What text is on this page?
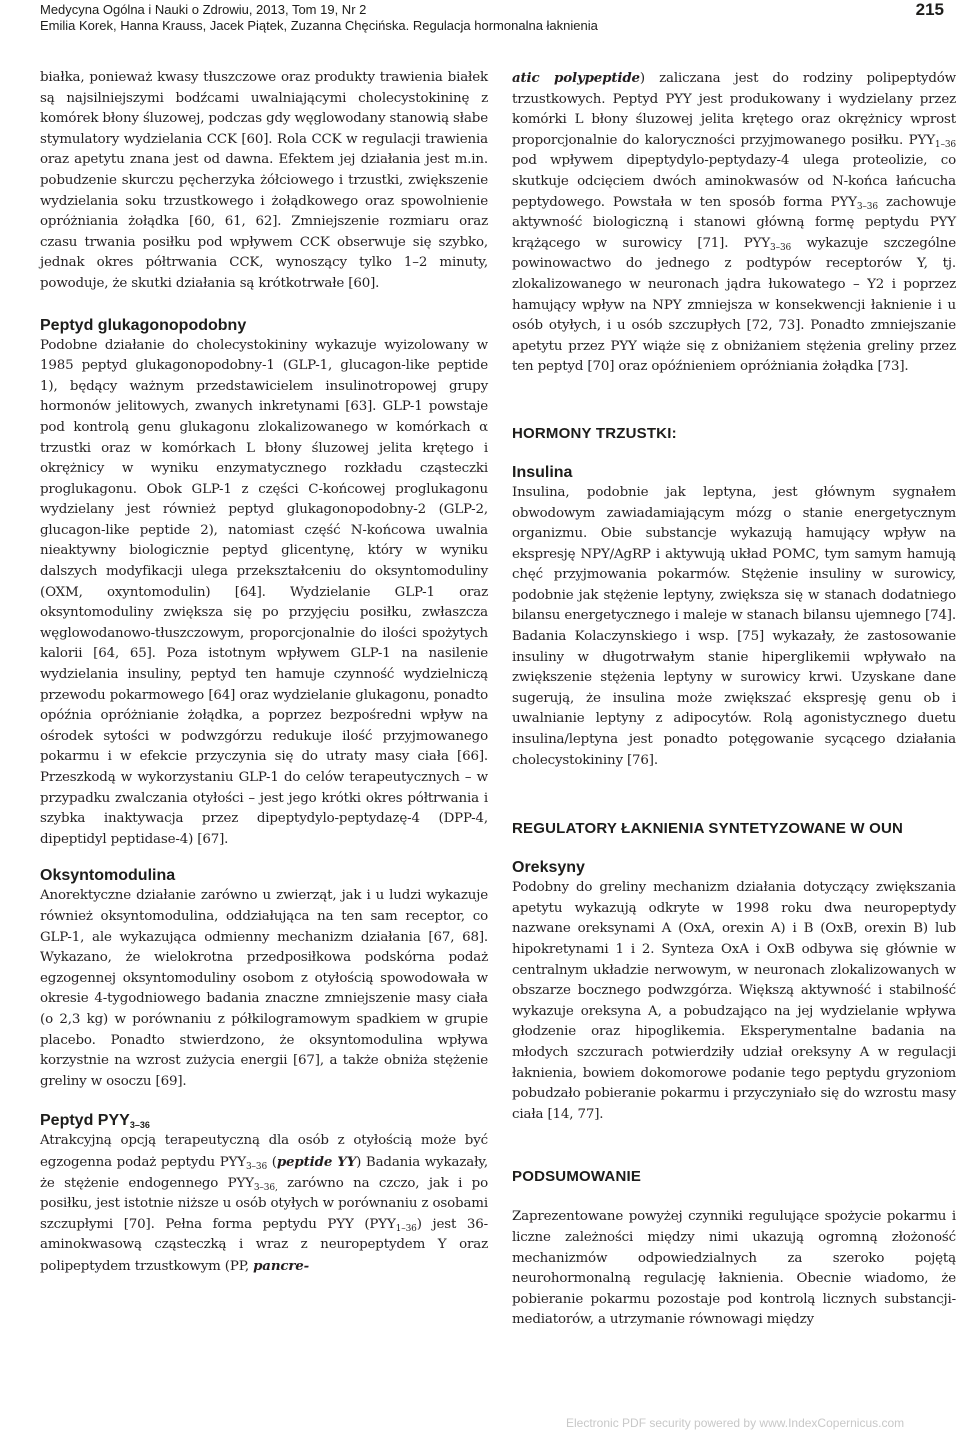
Medycyna Ogólna i Nauki o Zdrowiu, 2013, Tom 19, Nr 2
Emilia Korek, Hanna Krauss, Jacek Piątek, Zuzanna Chęcińska. Regulacja hormonalna łaknienia
215

białka, ponieważ kwasy tłuszczowe oraz produkty trawienia białek są najsilniejszymi bodźcami uwalniającymi cholecystokininę z komórek błony śluzowej, podczas gdy węglowodany stanowią słabe stymulatory wydzielania CCK [60]. Rola CCK w regulacji trawienia oraz apetytu znana jest od dawna. Efektem jej działania jest m.in. pobudzenie skurczu pęcherzyka żółciowego i trzustki, zwiększenie wydzielania soku trzustkowego i żołądkowego oraz spowolnienie opróżniania żołądka [60, 61, 62]. Zmniejszenie rozmiaru oraz czasu trwania posiłku pod wpływem CCK obserwuje się szybko, jednak okres półtrwania CCK, wynoszący tylko 1–2 minuty, powoduje, że skutki działania są krótkotrwałe [60].

Peptyd glukagonopodobny

Podobne działanie do cholecystokininy wykazuje wyizolowany w 1985 peptyd glukagonopodobny-1 (GLP-1, glucagon-like peptide 1), będący ważnym przedstawicielem insulinotropowej grupy hormonów jelitowych, zwanych inkretynami [63]. GLP-1 powstaje pod kontrolą genu glukagonu zlokalizowanego w komórkach α trzustki oraz w komórkach L błony śluzowej jelita krętego i okrężnicy w wyniku enzymatycznego rozkładu cząsteczki proglukagonu. Obok GLP-1 z części C-końcowej proglukagonu wydzielany jest również peptyd glukagonopodobny-2 (GLP-2, glucagon-like peptide 2), natomiast część N-końcowa uwalnia nieaktywny biologicznie peptyd glicentynę, który w wyniku dalszych modyfikacji ulega przekształceniu do oksyntomoduliny (OXM, oxyntomodulin) [64]. Wydzielanie GLP-1 oraz oksyntomoduliny zwiększa się po przyjęciu posiłku, zwłaszcza węglowodanowo-tłuszczowym, proporcjonalnie do ilości spożytych kalorii [64, 65]. Poza istotnym wpływem GLP-1 na nasilenie wydzielania insuliny, peptyd ten hamuje czynność wydzielniczą przewodu pokarmowego [64] oraz wydzielanie glukagonu, ponadto opóźnia opróżnianie żołądka, a poprzez bezpośredni wpływ na ośrodek sytości w podwzgórzu redukuje ilość przyjmowanego pokarmu i w efekcie przyczynia się do utraty masy ciała [66]. Przeszkodą w wykorzystaniu GLP-1 do celów terapeutycznych – w przypadku zwalczania otyłości – jest jego krótki okres półtrwania i szybka inaktywacja przez dipeptydylo-peptydazę-4 (DPP-4, dipeptidyl peptidase-4) [67].

Oksyntomodulina

Anorektyczne działanie zarówno u zwierząt, jak i u ludzi wykazuje również oksyntomodulina, oddziałująca na ten sam receptor, co GLP-1, ale wykazująca odmienny mechanizm działania [67, 68]. Wykazano, że wielokrotna przedposiłkowa podskórna podaż egzogennej oksyntomoduliny osobom z otyłością spowodowała w okresie 4-tygodniowego badania znaczne zmniejszenie masy ciała (o 2,3 kg) w porównaniu z półkilogramowym spadkiem w grupie placebo. Ponadto stwierdzono, że oksyntomodulina wpływa korzystnie na wzrost zużycia energii [67], a także obniża stężenie greliny w osoczu [69].

Peptyd $PYY_{3-36}$

Atrakcyjną opcją terapeutyczną dla osób z otyłością może być egzogenna podaż peptydu $PYY_{3-36}$ (peptide YY) Badania wykazały, że stężenie endogennego $PYY_{3-36,}$ zarówno na czczo, jak i po posiłku, jest istotnie niższe u osób otyłych w porównaniu z osobami szczupłymi [70]. Pełna forma peptydu PYY $(PYY_{1-36})$ jest 36-aminokwasową cząsteczką i wraz z neuropeptydem Y oraz polipeptydem trzustkowym (PP, pancre-

atic polypeptide) zaliczana jest do rodziny polipeptydów trzustkowych. Peptyd PYY jest produkowany i wydzielany przez komórki L błony śluzowej jelita krętego oraz okrężnicy wprost proporcjonalnie do kaloryczności przyjmowanego posiłku. $PYY_{1-36}$ pod wpływem dipeptydylo-peptydazy-4 ulega proteolizie, co skutkuje odcięciem dwóch aminokwasów od N-końca łańcucha peptydowego. Powstała w ten sposób forma $PYY_{3-36}$ zachowuje aktywność biologiczną i stanowi główną formę peptydu PYY krążącego w surowicy [71]. $PYY_{3-36}$ wykazuje szczególne powinowactwo do jednego z podtypów receptorów Y, tj. zlokalizowanego w neuronach jądra łukowatego – Y2 i poprzez hamujący wpływ na NPY zmniejsza w konsekwencji łaknienie i u osób otyłych, i u osób szczupłych [72, 73]. Ponadto zmniejszanie apetytu przez PYY wiąże się z obniżaniem stężenia greliny przez ten peptyd [70] oraz opóźnieniem opróżniania żołądka [73].

HORMONY TRZUSTKI:
Insulina

Insulina, podobnie jak leptyna, jest głównym sygnałem obwodowym zawiadamiającym mózg o stanie energetycznym organizmu. Obie substancje wykazują hamujący wpływ na ekspresję NPY/AgRP i aktywują układ POMC, tym samym hamują chęć przyjmowania pokarmów. Stężenie insuliny w surowicy, podobnie jak stężenie leptyny, zwiększa się w stanach dodatniego bilansu energetycznego i maleje w stanach bilansu ujemnego [74]. Badania Kolaczynskiego i wsp. [75] wykazały, że zastosowanie insuliny w długotrwałym stanie hiperglikemii wpływało na zwiększenie stężenia leptyny w surowicy krwi. Uzyskane dane sugerują, że insulina może zwiększać ekspresję genu ob i uwalnianie leptyny z adipocytów. Rolą agonistycznego duetu insulina/leptyna jest ponadto potęgowanie sycącego działania cholecystokininy [76].

REGULATORY ŁAKNIENIA SYNTETYZOWANE W OUN
Oreksyny

Podobny do greliny mechanizm działania dotyczący zwiększania apetytu wykazują odkryte w 1998 roku dwa neuropeptydy nazwane oreksynami A (OxA, orexin A) i B (OxB, orexin B) lub hipokretynami 1 i 2. Synteza OxA i OxB odbywa się głównie w centralnym układzie nerwowym, w neuronach zlokalizowanych w obszarze bocznego podwzgórza. Większą aktywność i stabilność wykazuje oreksyna A, a pobudzająco na jej wydzielanie wpływa głodzenie oraz hipoglikemia. Eksperymentalne badania na młodych szczurach potwierdziły udział oreksyny A w regulacji łaknienia, bowiem dokomorowe podanie tego peptydu gryzoniom pobudzało pobieranie pokarmu i przyczyniało się do wzrostu masy ciała [14, 77].

PODSUMOWANIE

Zaprezentowane powyżej czynniki regulujące spożycie pokarmu i liczne zależności między nimi ukazują ogromną złożoność mechanizmów odpowiedzialnych za szeroko pojętą neurohormonalną regulację łaknienia. Obecnie wiadomo, że pobieranie pokarmu pozostaje pod kontrolą licznych substancji-mediatorów, a utrzymanie równowagi między

Electronic PDF security powered by www.IndexCopernicus.com
